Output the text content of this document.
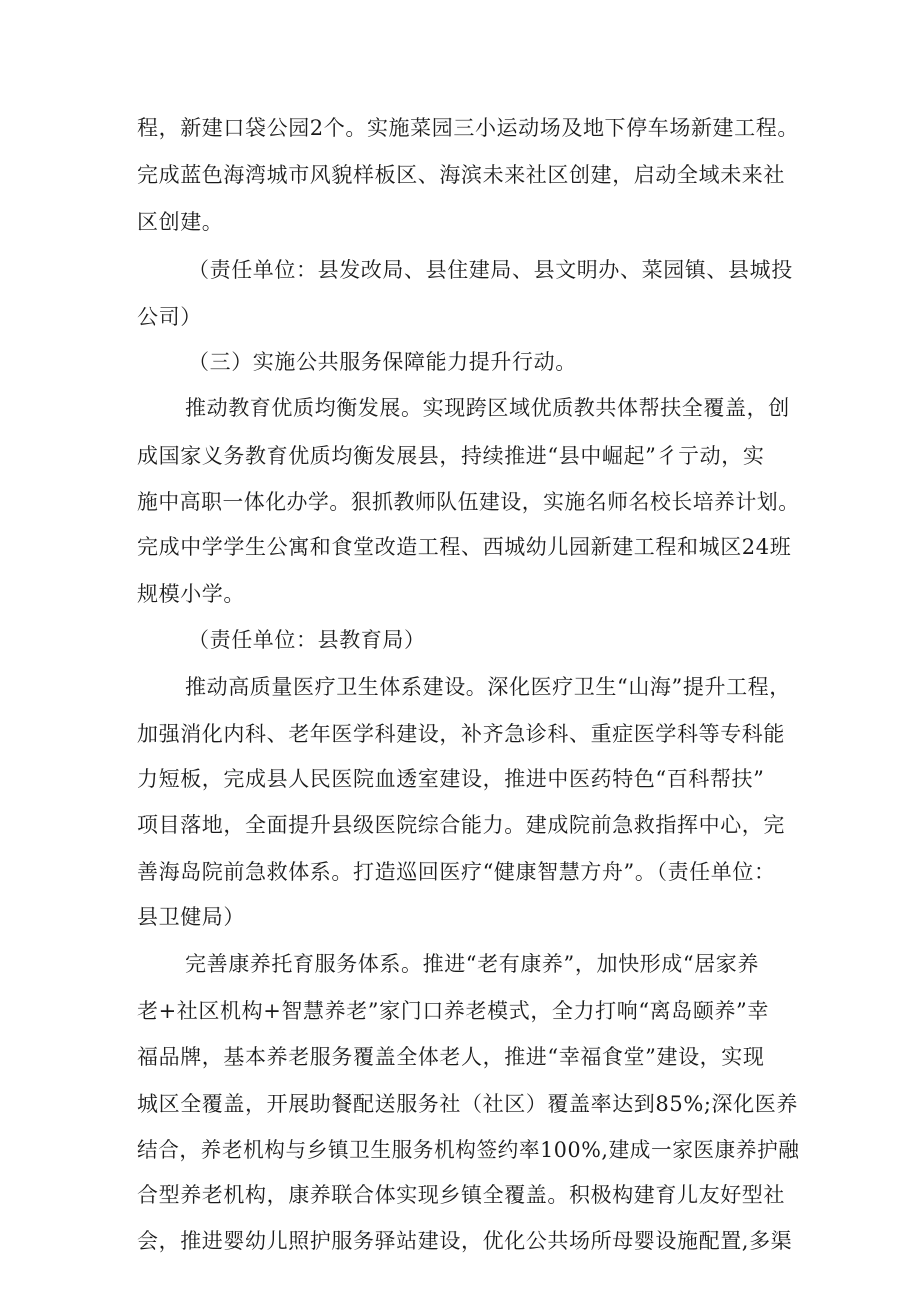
程，新建口袋公园2个。实施菜园三小运动场及地下停车场新建工程。
完成蓝色海湾城市风貌样板区、海滨未来社区创建，启动全域未来社
区创建。
（责任单位：县发改局、县住建局、县文明办、菜园镇、县城投
公司）
（三）实施公共服务保障能力提升行动。
推动教育优质均衡发展。实现跨区域优质教共体帮扶全覆盖，创
成国家义务教育优质均衡发展县，持续推进“县中崛起”彳亍动，实
施中高职一体化办学。狠抓教师队伍建设，实施名师名校长培养计划。
完成中学学生公寓和食堂改造工程、西城幼儿园新建工程和城区24班
规模小学。
（责任单位：县教育局）
推动高质量医疗卫生体系建设。深化医疗卫生“山海”提升工程，
加强消化内科、老年医学科建设，补齐急诊科、重症医学科等专科能
力短板，完成县人民医院血透室建设，推进中医药特色“百科帮扶”
项目落地，全面提升县级医院综合能力。建成院前急救指挥中心，完
善海岛院前急救体系。打造巡回医疗“健康智慧方舟”。（责任单位：
县卫健局）
完善康养托育服务体系。推进“老有康养”，加快形成“居家养
老+社区机构+智慧养老”家门口养老模式，全力打响“离岛颐养”幸
福品牌，基本养老服务覆盖全体老人，推进“幸福食堂”建设，实现
城区全覆盖，开展助餐配送服务社（社区）覆盖率达到85%;深化医养
结合，养老机构与乡镇卫生服务机构签约率100%,建成一家医康养护融
合型养老机构，康养联合体实现乡镇全覆盖。积极构建育儿友好型社
会，推进婴幼儿照护服务驿站建设，优化公共场所母婴设施配置,多渠
